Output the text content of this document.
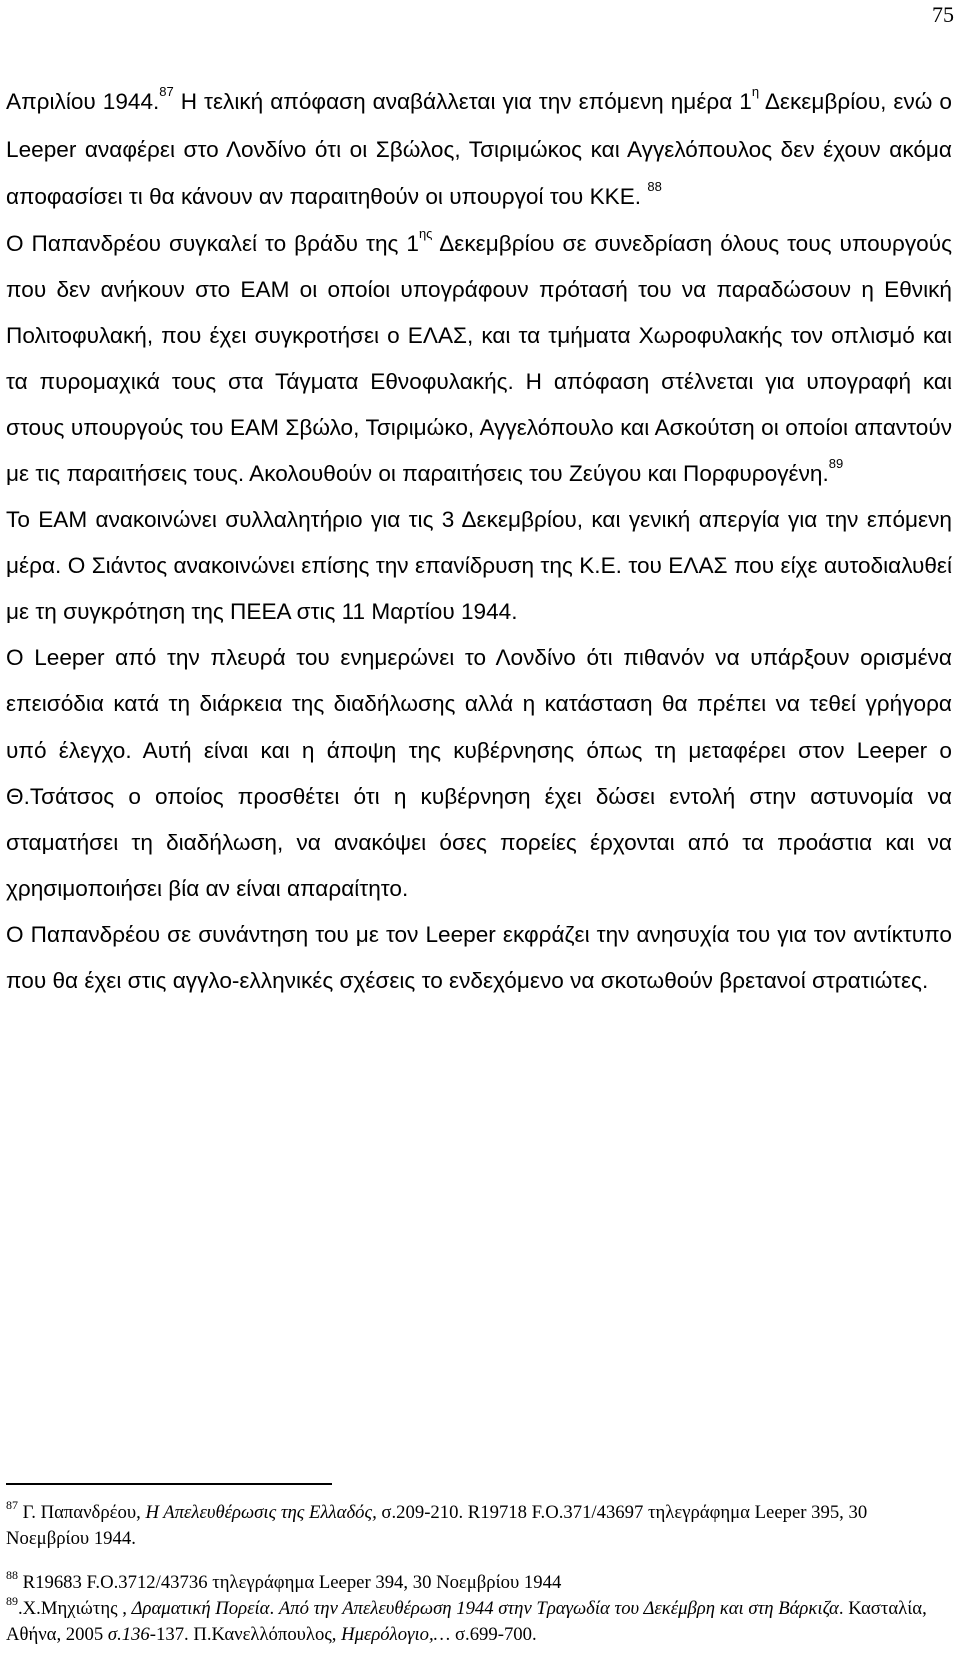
75

Απριλίου 1944.87 Η τελική απόφαση αναβάλλεται για την επόμενη ημέρα $1^\eta$ Δεκεμβρίου, ενώ ο Leeper αναφέρει στο Λονδίνο ότι οι Σβώλος, Τσιριμώκος και Αγγελόπουλος δεν έχουν ακόμα αποφασίσει τι θα κάνουν αν παραιτηθούν οι υπουργοί του ΚΚΕ. $^{88}$

Ο Παπανδρέου συγκαλεί το βράδυ της $1^{\eta\varsigma}$ Δεκεμβρίου σε συνεδρίαση όλους τους υπουργούς που δεν ανήκουν στο ΕΑΜ οι οποίοι υπογράφουν πρότασή του να παραδώσουν η Εθνική Πολιτοφυλακή, που έχει συγκροτήσει ο ΕΛΑΣ, και τα τμήματα Χωροφυλακής τον οπλισμό και τα πυρομαχικά τους στα Τάγματα Εθνοφυλακής. Η απόφαση στέλνεται για υπογραφή και στους υπουργούς του ΕΑΜ Σβώλο, Τσιριμώκο, Αγγελόπουλο και Ασκούτση οι οποίοι απαντούν με τις παραιτήσεις τους. Ακολουθούν οι παραιτήσεις του Ζεύγου και Πορφυρογένη.$^{89}$

Το ΕΑΜ ανακοινώνει συλλαλητήριο για τις 3 Δεκεμβρίου, και γενική απεργία για την επόμενη μέρα. Ο Σιάντος ανακοινώνει επίσης την επανίδρυση της Κ.Ε. του ΕΛΑΣ που είχε αυτοδιαλυθεί με τη συγκρότηση της ΠΕΕΑ στις 11 Μαρτίου 1944.

Ο Leeper από την πλευρά του ενημερώνει το Λονδίνο ότι πιθανόν να υπάρξουν ορισμένα επεισόδια κατά τη διάρκεια της διαδήλωσης αλλά η κατάσταση θα πρέπει να τεθεί γρήγορα υπό έλεγχο. Αυτή είναι και η άποψη της κυβέρνησης όπως τη μεταφέρει στον Leeper ο Θ.Τσάτσος ο οποίος προσθέτει ότι η κυβέρνηση έχει δώσει εντολή στην αστυνομία να σταματήσει τη διαδήλωση, να ανακόψει όσες πορείες έρχονται από τα προάστια και να χρησιμοποιήσει βία αν είναι απαραίτητο.

Ο Παπανδρέου σε συνάντηση του με τον Leeper εκφράζει την ανησυχία του για τον αντίκτυπο που θα έχει στις αγγλο-ελληνικές σχέσεις το ενδεχόμενο να σκοτωθούν βρετανοί στρατιώτες.

$^{87}$ Γ. Παπανδρέου, Η Απελευθέρωσις της Ελλαδός, σ.209-210. R19718 F.O.371/43697 τηλεγράφημα Leeper 395, 30 Νοεμβρίου 1944.

$^{88}$ R19683 F.O.3712/43736 τηλεγράφημα Leeper 394, 30 Νοεμβρίου 1944

$^{89}$.Χ.Μηχιώτης , Δραματική Πορεία. Από την Απελευθέρωση 1944 στην Τραγωδία του Δεκέμβρη και στη Βάρκιζα. Κασταλία, Αθήνα, 2005 σ.136-137. Π.Κανελλόπουλος, Ημερόλογιο,… σ.699-700.
